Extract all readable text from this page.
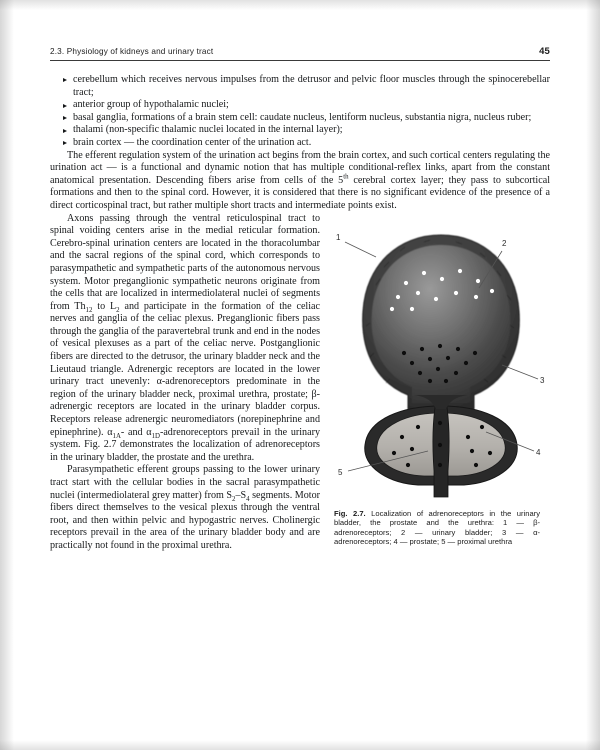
2.3. Physiology of kidneys and urinary tract	45
cerebellum which receives nervous impulses from the detrusor and pelvic floor muscles through the spinocerebellar tract;
anterior group of hypothalamic nuclei;
basal ganglia, formations of a brain stem cell: caudate nucleus, lentiform nucleus, substantia nigra, nucleus ruber;
thalami (non-specific thalamic nuclei located in the internal layer);
brain cortex — the coordination center of the urination act.

The efferent regulation system of the urination act begins from the brain cortex, and such cortical centers regulating the urination act — is a functional and dynamic notion that has multiple conditional-reflex links, apart from the constant anatomical presentation. Descending fibers arise from cells of the 5th cerebral cortex layer; they pass to subcortical formations and then to the spinal cord. However, it is considered that there is no significant evidence of the presence of a direct corticospinal tract, but rather multiple short tracts and intermediate points exist.

1
2
3
4
5
Fig. 2.7. Localization of adrenoreceptors in the urinary bladder, the prostate and the urethra: 1 — β-adrenoreceptors; 2 — urinary bladder; 3 — α-adrenoreceptors; 4 — prostate; 5 — proximal urethra

Axons passing through the ventral reticulospinal tract to spinal voiding centers arise in the medial reticular formation. Cerebro-spinal urination centers are located in the thoracolumbar and the sacral regions of the spinal cord, which corresponds to parasympathetic and sympathetic parts of the autonomous nervous system. Motor preganglionic sympathetic neurons originate from the cells that are localized in intermediolateral nuclei of segments from $Th_{12}$ to $L_2$ and participate in the formation of the celiac nerves and ganglia of the celiac plexus. Preganglionic fibers pass through the ganglia of the paravertebral trunk and end in the nodes of vesical plexuses as a part of the celiac nerve. Postganglionic fibers are directed to the detrusor, the urinary bladder neck and the Lieutaud triangle. Adrenergic receptors are located in the lower urinary tract unevenly: α-adrenoreceptors predominate in the region of the urinary bladder neck, proximal urethra, prostate; β-adrenergic receptors are located in the urinary bladder corpus. Receptors release adrenergic neuromediators (norepinephrine and epinephrine). $\alpha_{1A}-$ and $\alpha_{1D}$-adrenoreceptors prevail in the urinary system. Fig. 2.7 demonstrates the localization of adrenoreceptors in the urinary bladder, the prostate and the urethra.

Parasympathetic efferent groups passing to the lower urinary tract start with the cellular bodies in the sacral parasympathetic nuclei (intermediolateral grey matter) from $S_2-S_4$ segments. Motor fibers direct themselves to the vesical plexus through the ventral root, and then within pelvic and hypogastric nerves. Cholinergic receptors prevail in the area of the urinary bladder body and are practically not found in the proximal urethra.
